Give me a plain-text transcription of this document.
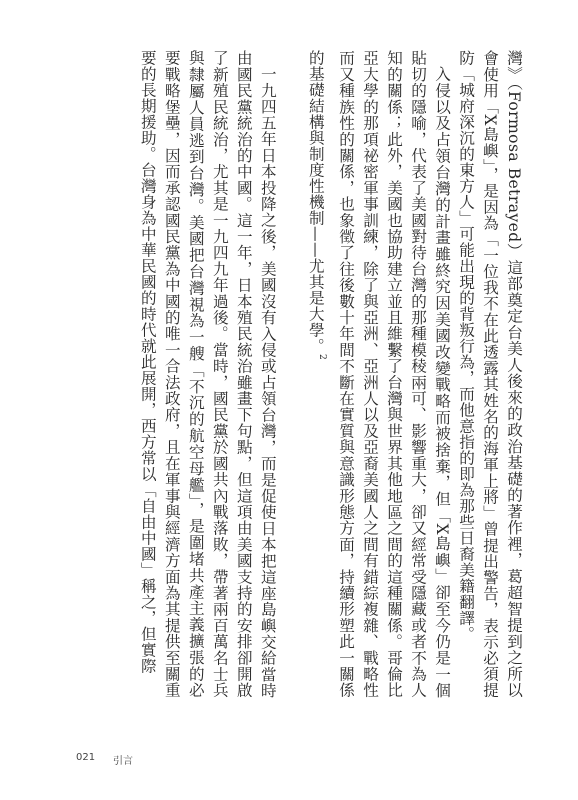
灣》（Formosa Betrayed）這部奠定台美人後來的政治基礎的著作裡，葛超智提到之所以會使用「X島嶼」，是因為「一位我不在此透露其姓名的海軍上將」曾提出警告，表示必須提防「城府深沉的東方人」可能出現的背叛行為，而他意指的即為那些日裔美籍翻譯。

入侵以及占領台灣的計畫雖終究因美國改變戰略而被捨棄，但「X島嶼」卻至今仍是一個貼切的隱喻，代表了美國對待台灣的那種模稜兩可、影響重大，卻又經常受隱藏或者不為人知的關係；此外，美國也協助建立並且維繫了台灣與世界其他地區之間的這種關係。哥倫比亞大學的那項祕密軍事訓練，除了與亞洲、亞洲人以及亞裔美國人之間有錯綜複雜、戰略性而又種族性的關係，也象徵了往後數十年間不斷在實質與意識形態方面，持續形塑此一關係的基礎結構與制度性機制——尤其是大學。$^2$

一九四五年日本投降之後，美國沒有入侵或占領台灣，而是促使日本把這座島嶼交給當時由國民黨統治的中國。這一年，日本殖民統治雖畫下句點，但這項由美國支持的安排卻開啟了新殖民統治，尤其是一九四九年過後。當時，國民黨於國共內戰落敗，帶著兩百萬名士兵與隸屬人員逃到台灣。美國把台灣視為一艘「不沉的航空母艦」，是圍堵共產主義擴張的必要戰略堡壘，因而承認國民黨為中國的唯一合法政府，且在軍事與經濟方面為其提供至關重要的長期援助。台灣身為中華民國的時代就此展開，西方常以「自由中國」稱之，但實際

021 引言
